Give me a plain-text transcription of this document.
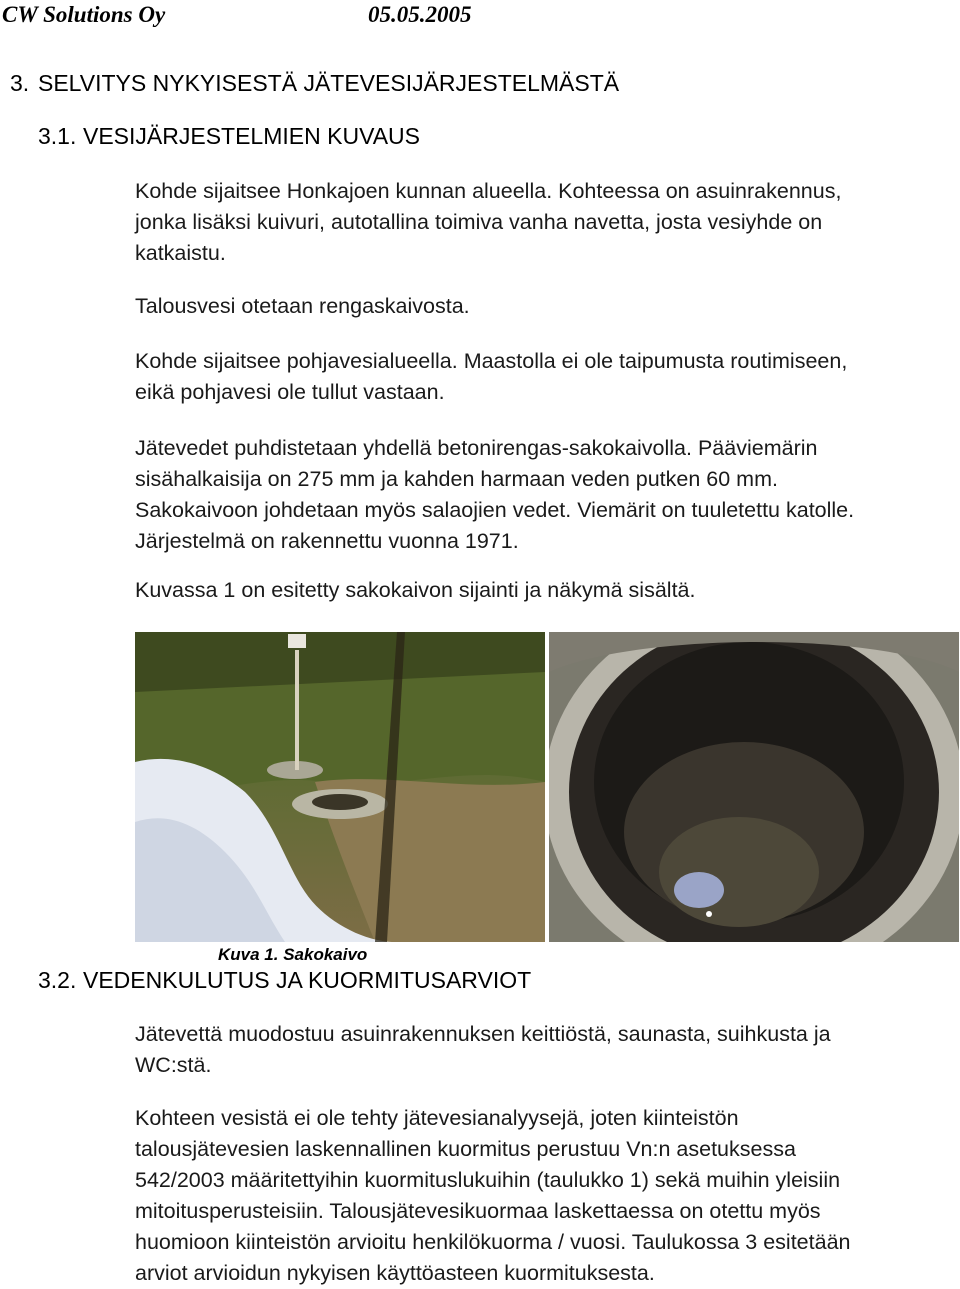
CW Solutions Oy	05.05.2005
3. SELVITYS NYKYISESTÄ JÄTEVESIJÄRJESTELMÄSTÄ
3.1. VESIJÄRJESTELMIEN KUVAUS

Kohde sijaitsee Honkajoen kunnan alueella. Kohteessa on asuinrakennus,
jonka lisäksi kuivuri, autotallina toimiva vanha navetta, josta vesiyhde on
katkaistu.

Talousvesi otetaan rengaskaivosta.

Kohde sijaitsee pohjavesialueella. Maastolla ei ole taipumusta routimiseen,
eikä pohjavesi ole tullut vastaan.

Jätevedet puhdistetaan yhdellä betonirengas-sakokaivolla. Pääviemärin
sisähalkaisija on 275 mm ja kahden harmaan veden putken 60 mm.
Sakokaivoon johdetaan myös salaojien vedet. Viemärit on tuuletettu katolle.
Järjestelmä on rakennettu vuonna 1971.

Kuvassa 1 on esitetty sakokaivon sijainti ja näkymä sisältä.

Kuva 1. Sakokaivo
3.2. VEDENKULUTUS JA KUORMITUSARVIOT

Jätevettä muodostuu asuinrakennuksen keittiöstä, saunasta, suihkusta ja
WC:stä.

Kohteen vesistä ei ole tehty jätevesianalyysejä, joten kiinteistön
talousjätevesien laskennallinen kuormitus perustuu Vn:n asetuksessa
542/2003 määritettyihin kuormituslukuihin (taulukko 1) sekä muihin yleisiin
mitoitusperusteisiin. Talousjätevesikuormaa laskettaessa on otettu myös
huomioon kiinteistön arvioitu henkilökuorma / vuosi. Taulukossa 3 esitetään
arviot arvioidun nykyisen käyttöasteen kuormituksesta.
